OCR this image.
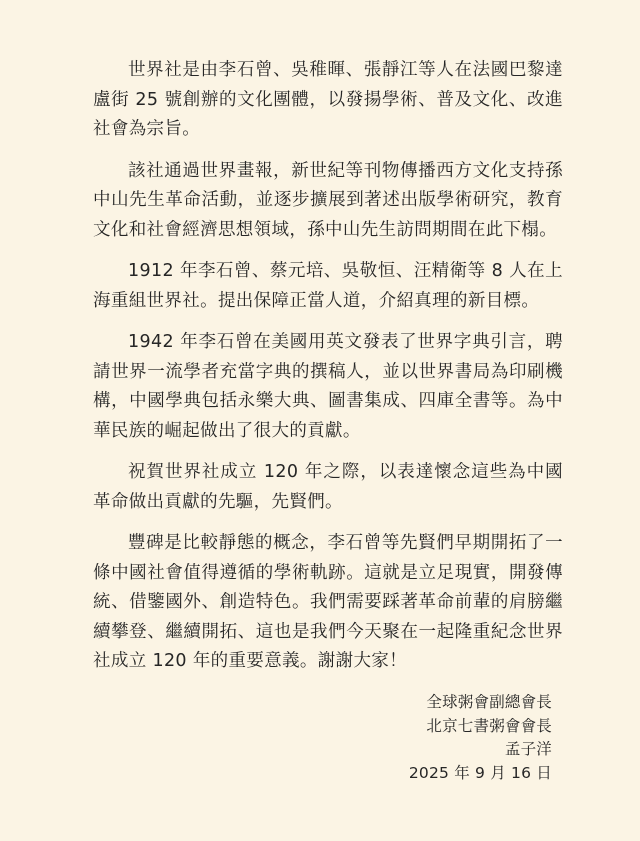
世界社是由李石曾、吳稚暉、張靜江等人在法國巴黎達盧街 25 號創辦的文化團體，以發揚學術、普及文化、改進社會為宗旨。

該社通過世界畫報，新世紀等刊物傳播西方文化支持孫中山先生革命活動，並逐步擴展到著述出版學術研究，教育文化和社會經濟思想領域，孫中山先生訪問期間在此下榻。

1912 年李石曾、蔡元培、吳敬恒、汪精衛等 8 人在上海重組世界社。提出保障正當人道，介紹真理的新目標。

1942 年李石曾在美國用英文發表了世界字典引言，聘請世界一流學者充當字典的撰稿人，並以世界書局為印刷機構，中國學典包括永樂大典、圖書集成、四庫全書等。為中華民族的崛起做出了很大的貢獻。

祝賀世界社成立 120 年之際，以表達懷念這些為中國革命做出貢獻的先驅，先賢們。

豐碑是比較靜態的概念，李石曾等先賢們早期開拓了一條中國社會值得遵循的學術軌跡。這就是立足現實，開發傳統、借鑒國外、創造特色。我們需要踩著革命前輩的肩膀繼續攀登、繼續開拓、這也是我們今天聚在一起隆重紀念世界社成立 120 年的重要意義。謝謝大家！

全球粥會副總會長
北京七書粥會會長
孟子洋
2025 年 9 月 16 日
